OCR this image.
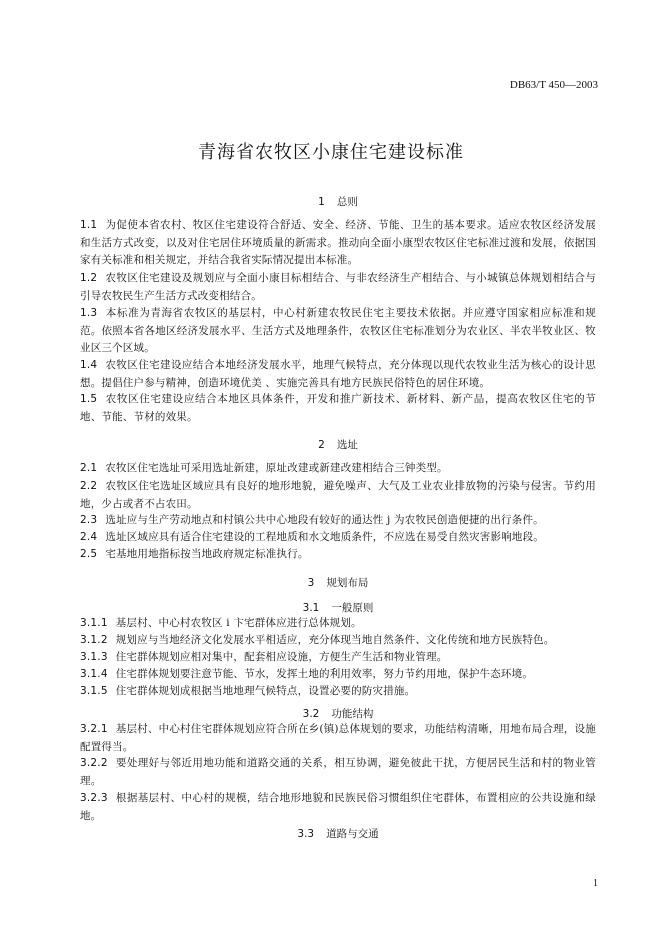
DB63/T 450—2003
青海省农牧区小康住宅建设标准
1 总则
1.1 为促使本省农村、牧区住宅建设符合舒适、安全、经济、节能、卫生的基本要求。适应农牧区经济发展和生活方式改变，以及对住宅居住环境质量的新需求。推动向全面小康型农牧区住宅标准过渡和发展，依据国家有关标准和相关规定，并结合我省实际情况提出本标准。
1.2 农牧区住宅建设及规划应与全面小康目标相结合、与非农经济生产相结合、与小城镇总体规划相结合与引导农牧民生产生活方式改变相结合。
1.3 本标准为青海省农牧区的基层村，中心村新建农牧民住宅主要技术依据。并应遵守国家相应标准和规范。依照本省各地区经济发展水平、生活方式及地理条件，农牧区住宅标准划分为农业区、半农半牧业区、牧业区三个区域。
1.4 农牧区住宅建设应结合本地经济发展水平，地理气候特点，充分体现以现代农牧业生活为核心的设计思想。提倡住户参与精神，创造环境优美 、实施完善具有地方民族民俗特色的居住环境。
1.5 农牧区住宅建设应结合本地区具体条件，开发和推广新技术、新材料、新产品，提高农牧区住宅的节地、节能、节材的效果。
2 选址
2.1 农牧区住宅选址可采用选址新建，原址改建或新建改建相结合三钟类型。
2.2 农牧区住宅选址区域应具有良好的地形地貌，避免噪声、大气及工业农业排放物的污染与侵害。节约用地，少占或者不占农田。
2.3 选址应与生产劳动地点和村镇公共中心地段有较好的通达性 j 为农牧民创造便捷的出行条件。
2.4 选址区域应具有适合住宅建设的工程地质和水文地质条件，不应选在易受自然灾害影响地段。
2.5 宅基地用地指标按当地政府规定标准执行。
3 规划布局
3.1 一般原则
3.1.1 基层村、中心村农牧区 i 卞宅群体应进行总体规划。
3.1.2 规划应与当地经济文化发展水平相适应，充分体现当地自然条件、文化传统和地方民族特色。
3.1.3 住宅群体规划应相对集中，配套相应设施，方便生产生活和物业管理。
3.1.4 住宅群体规划要注意节能、节水，发挥土地的利用效率，努力节约用地，保护牛态环境。
3.1.5 住宅群体规划成根据当地地理气候特点，设置必要的防灾措施。
3.2 功能结构
3.2.1 基层村、中心村住宅群体规划应符合所在乡(镇)总体规划的要求，功能结构清晰，用地布局合理，设施配置得当。
3.2.2 要处理好与邻近用地功能和道路交通的关系，相互协调，避免彼此干扰，方便居民生活和村的物业管理。
3.2.3 根据基层村、中心村的规模，结合地形地貌和民族民俗习惯组织住宅群体，布置相应的公共设施和绿地。
3.3 道路与交通
1
